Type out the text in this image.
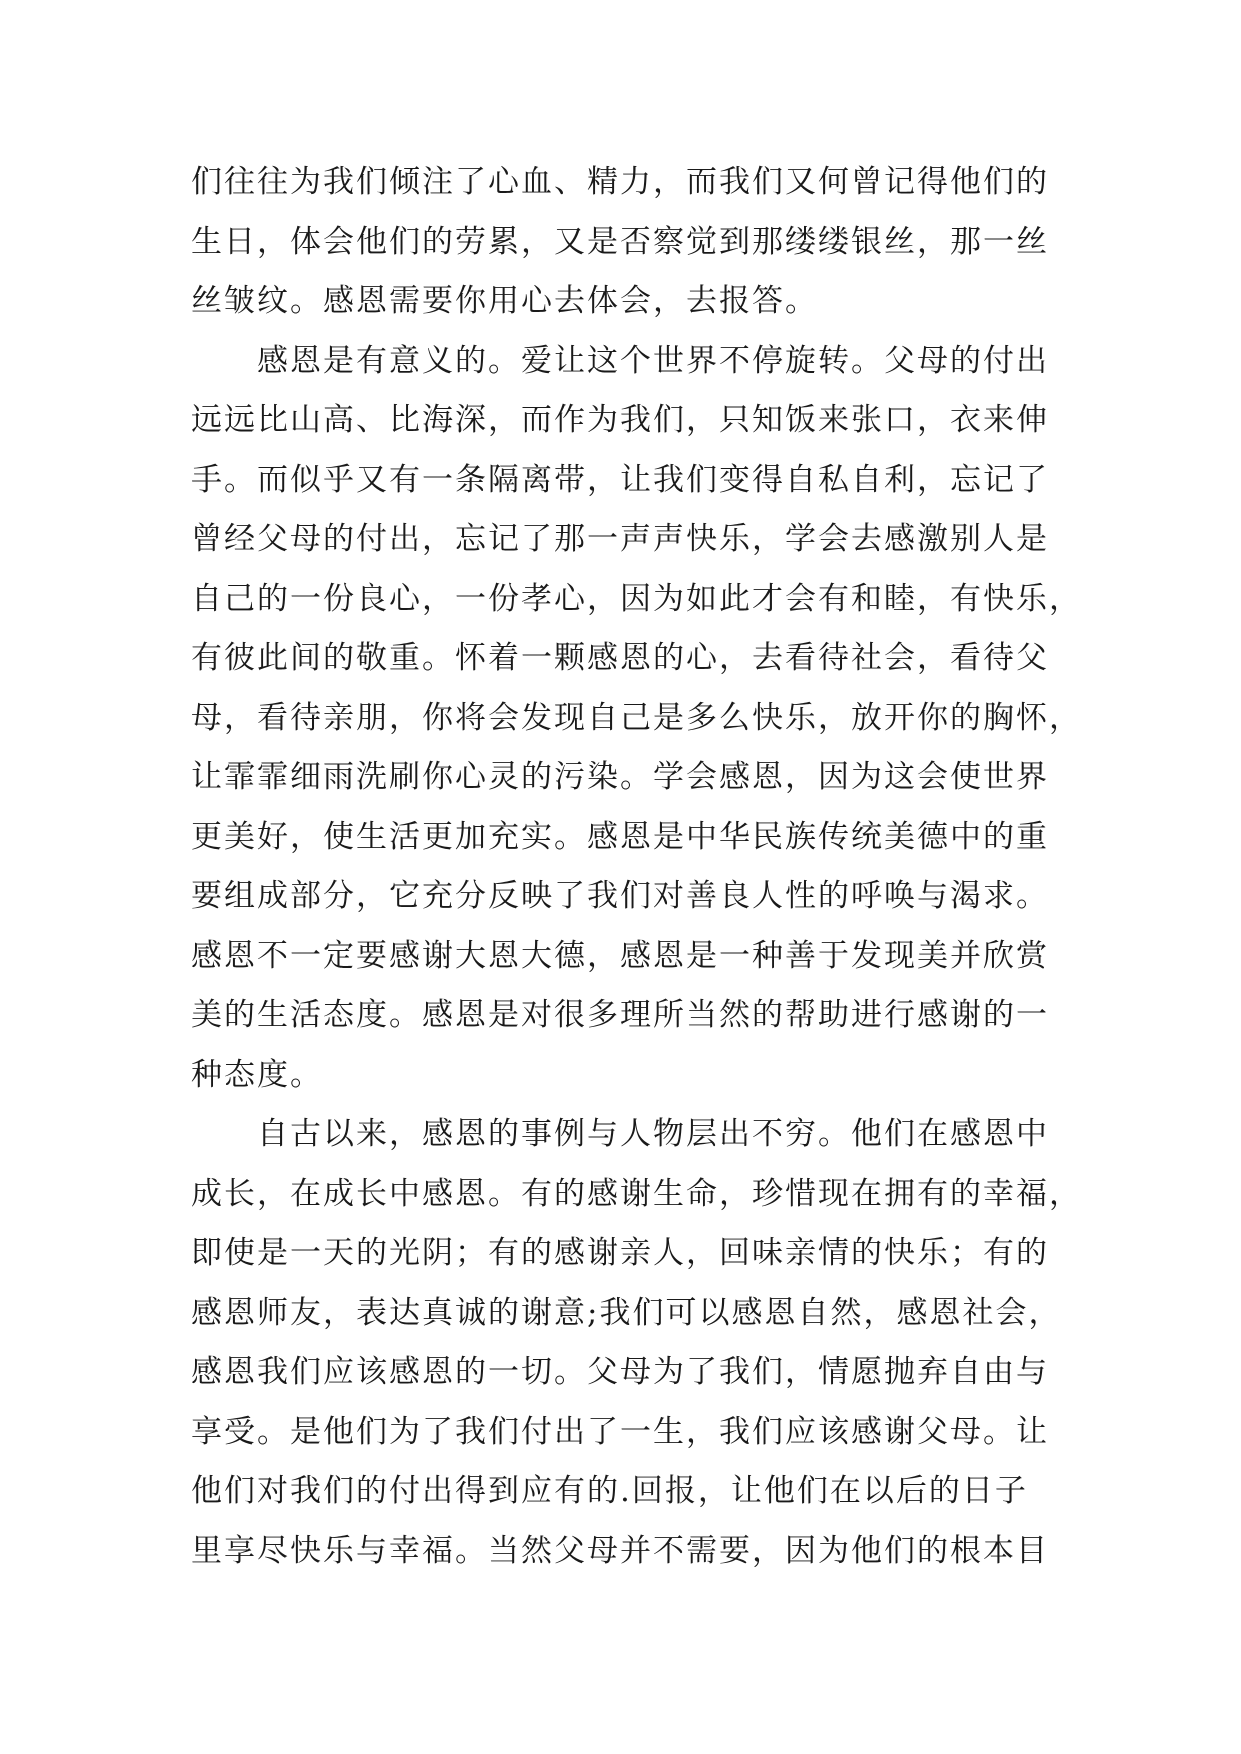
们往往为我们倾注了心血、精力，而我们又何曾记得他们的
生日，体会他们的劳累，又是否察觉到那缕缕银丝，那一丝
丝皱纹。感恩需要你用心去体会，去报答。
感恩是有意义的。爱让这个世界不停旋转。父母的付出
远远比山高、比海深，而作为我们，只知饭来张口，衣来伸
手。而似乎又有一条隔离带，让我们变得自私自利，忘记了
曾经父母的付出，忘记了那一声声快乐，学会去感激别人是
自己的一份良心，一份孝心，因为如此才会有和睦，有快乐，
有彼此间的敬重。怀着一颗感恩的心，去看待社会，看待父
母，看待亲朋，你将会发现自己是多么快乐，放开你的胸怀，
让霏霏细雨洗刷你心灵的污染。学会感恩，因为这会使世界
更美好，使生活更加充实。感恩是中华民族传统美德中的重
要组成部分，它充分反映了我们对善良人性的呼唤与渴求。
感恩不一定要感谢大恩大德，感恩是一种善于发现美并欣赏
美的生活态度。感恩是对很多理所当然的帮助进行感谢的一
种态度。
自古以来，感恩的事例与人物层出不穷。他们在感恩中
成长，在成长中感恩。有的感谢生命，珍惜现在拥有的幸福，
即使是一天的光阴；有的感谢亲人，回味亲情的快乐；有的
感恩师友，表达真诚的谢意;我们可以感恩自然，感恩社会，
感恩我们应该感恩的一切。父母为了我们，情愿抛弃自由与
享受。是他们为了我们付出了一生，我们应该感谢父母。让
他们对我们的付出得到应有的.回报，让他们在以后的日子
里享尽快乐与幸福。当然父母并不需要，因为他们的根本目
